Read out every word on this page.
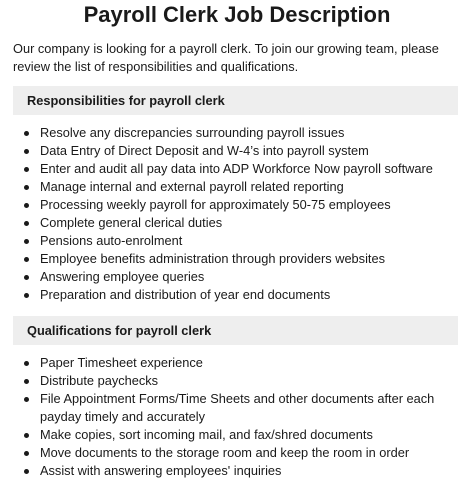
Payroll Clerk Job Description

Our company is looking for a payroll clerk. To join our growing team, please review the list of responsibilities and qualifications.

Responsibilities for payroll clerk
Resolve any discrepancies surrounding payroll issues
Data Entry of Direct Deposit and W-4’s into payroll system
Enter and audit all pay data into ADP Workforce Now payroll software
Manage internal and external payroll related reporting
Processing weekly payroll for approximately 50-75 employees
Complete general clerical duties
Pensions auto-enrolment
Employee benefits administration through providers websites
Answering employee queries
Preparation and distribution of year end documents
Qualifications for payroll clerk
Paper Timesheet experience
Distribute paychecks
File Appointment Forms/Time Sheets and other documents after each payday timely and accurately
Make copies, sort incoming mail, and fax/shred documents
Move documents to the storage room and keep the room in order
Assist with answering employees' inquiries
